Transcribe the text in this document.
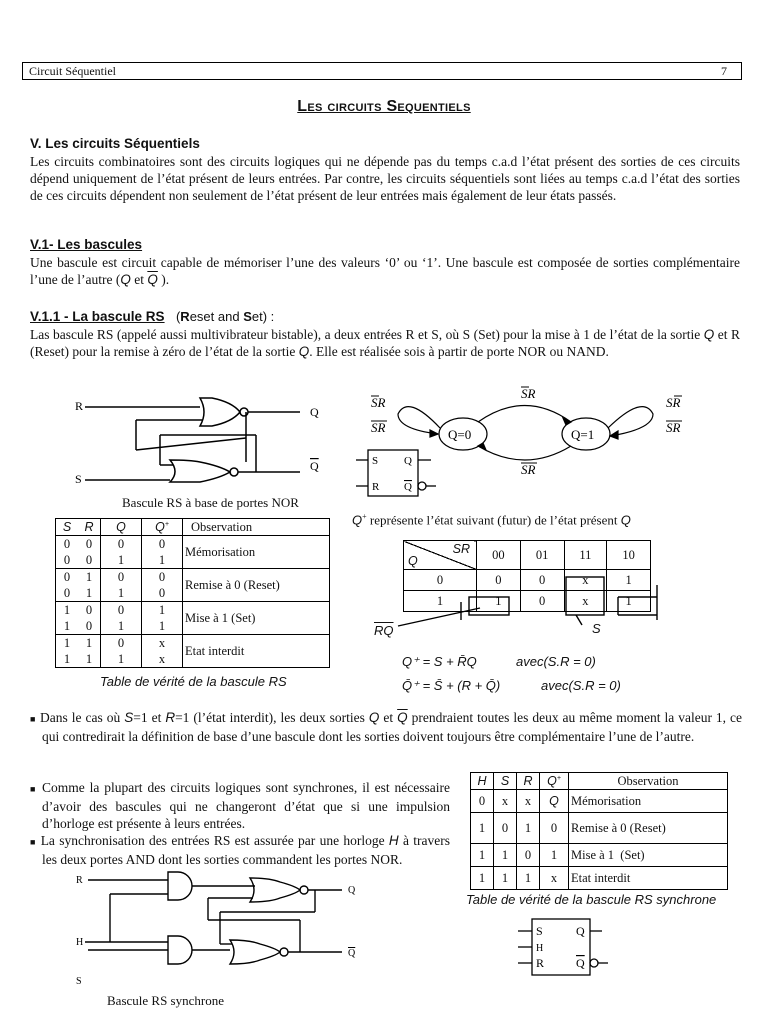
Circuit Séquentiel	7
Les circuits Sequentiels
V. Les circuits Séquentiels
Les circuits combinatoires sont des circuits logiques qui ne dépende pas du temps c.a.d l’état présent des sorties de ces circuits dépend uniquement de l’état présent de leurs entrées. Par contre, les circuits séquentiels sont liées au temps c.a.d l’état des sorties de ces circuits dépendent non seulement de l’état présent de leur entrées mais également de leur états passés.
V.1- Les bascules
Une bascule est circuit capable de mémoriser l’une des valeurs ‘0’ ou ‘1’. Une bascule est composée de sorties complémentaire l’une de l’autre (Q et $\overline{Q}$ ).
V.1.1 - La bascule RS (Reset and Set) :
Las bascule RS (appelé aussi multivibrateur bistable), a deux entrées R et S, où S (Set) pour la mise à 1 de l’état de la sortie Q et R (Reset) pour la remise à zéro de l’état de la sortie Q. Elle est réalisée sois à partir de porte NOR ou NAND.
R
S
Q
Q
Bascule RS à base de portes NOR
SR
SR
SR
SR
SR
Q=0	Q=1
SR
S
R
Q
Q
Q+ représente l’état suivant (futur) de l’état présent Q
S	R	Q	Q+	Observation
0	0	0	0	Mémorisation
0	0	1	1	
0	1	0	0	Remise à 0 (Reset)
0	1	1	0	
1	0	0	1	Mise à 1 (Set)
1	0	1	1	
1	1	0	x	Etat interdit
1	1	1	x	
Table de vérité de la bascule RS
SR
Q	00	01	11	10
0	0	0	x	1
1	1	0	x	1
$\overline{RQ}$	S
Q⁺ = S + R̄Q	avec(S.R = 0)
Q̄⁺ = S̄ + (R + Q̄)	avec(S.R = 0)
■ Dans le cas où S=1 et R=1 (l’état interdit), les deux sorties Q et $\overline{Q}$ prendraient toutes les deux au même moment la valeur 1, ce qui contredirait la définition de base d’une bascule dont les sorties doivent toujours être complémentaire l’une de l’autre.
■ Comme la plupart des circuits logiques sont synchrones, il est nécessaire d’avoir des bascules qui ne changeront d’état que si une impulsion d’horloge est présente à leurs entrées.
■ La synchronisation des entrées RS est assurée par une horloge H à travers les deux portes AND dont les sorties commandent les portes NOR.
H	S	R	Q+	Observation
0	x	x	Q	Mémorisation
1	0	1	0	Remise à 0 (Reset)
1	1	0	1	Mise à 1  (Set)
1	1	1	x	Etat interdit
Table de vérité de la bascule RS synchrone
R
H
S
Q
Q
Bascule RS synchrone
S
H
R
Q
Q
